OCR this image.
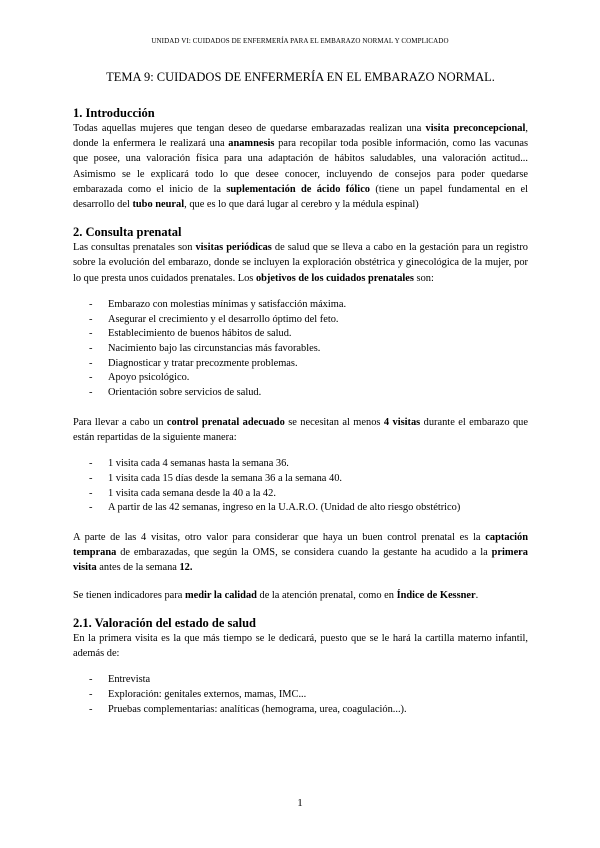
UNIDAD VI: CUIDADOS DE ENFERMERÍA PARA EL EMBARAZO NORMAL Y COMPLICADO
TEMA 9: CUIDADOS DE ENFERMERÍA EN EL EMBARAZO NORMAL.
1. Introducción

Todas aquellas mujeres que tengan deseo de quedarse embarazadas realizan una visita preconcepcional, donde la enfermera le realizará una anamnesis para recopilar toda posible información, como las vacunas que posee, una valoración física para una adaptación de hábitos saludables, una valoración actitud... Asimismo se le explicará todo lo que desee conocer, incluyendo de consejos para poder quedarse embarazada como el inicio de la suplementación de ácido fólico (tiene un papel fundamental en el desarrollo del tubo neural, que es lo que dará lugar al cerebro y la médula espinal)

2. Consulta prenatal

Las consultas prenatales son visitas periódicas de salud que se lleva a cabo en la gestación para un registro sobre la evolución del embarazo, donde se incluyen la exploración obstétrica y ginecológica de la mujer, por lo que presta unos cuidados prenatales. Los objetivos de los cuidados prenatales son:

- Embarazo con molestias mínimas y satisfacción máxima.
- Asegurar el crecimiento y el desarrollo óptimo del feto.
- Establecimiento de buenos hábitos de salud.
- Nacimiento bajo las circunstancias más favorables.
- Diagnosticar y tratar precozmente problemas.
- Apoyo psicológico.
- Orientación sobre servicios de salud.

Para llevar a cabo un control prenatal adecuado se necesitan al menos 4 visitas durante el embarazo que están repartidas de la siguiente manera:

- 1 visita cada 4 semanas hasta la semana 36.
- 1 visita cada 15 días desde la semana 36 a la semana 40.
- 1 visita cada semana desde la 40 a la 42.
- A partir de las 42 semanas, ingreso en la U.A.R.O. (Unidad de alto riesgo obstétrico)

A parte de las 4 visitas, otro valor para considerar que haya un buen control prenatal es la captación temprana de embarazadas, que según la OMS, se considera cuando la gestante ha acudido a la primera visita antes de la semana 12.

Se tienen indicadores para medir la calidad de la atención prenatal, como en Índice de Kessner.

2.1. Valoración del estado de salud

En la primera visita es la que más tiempo se le dedicará, puesto que se le hará la cartilla materno infantil, además de:

- Entrevista
- Exploración: genitales externos, mamas, IMC...
- Pruebas complementarias: analíticas (hemograma, urea, coagulación...).
1
